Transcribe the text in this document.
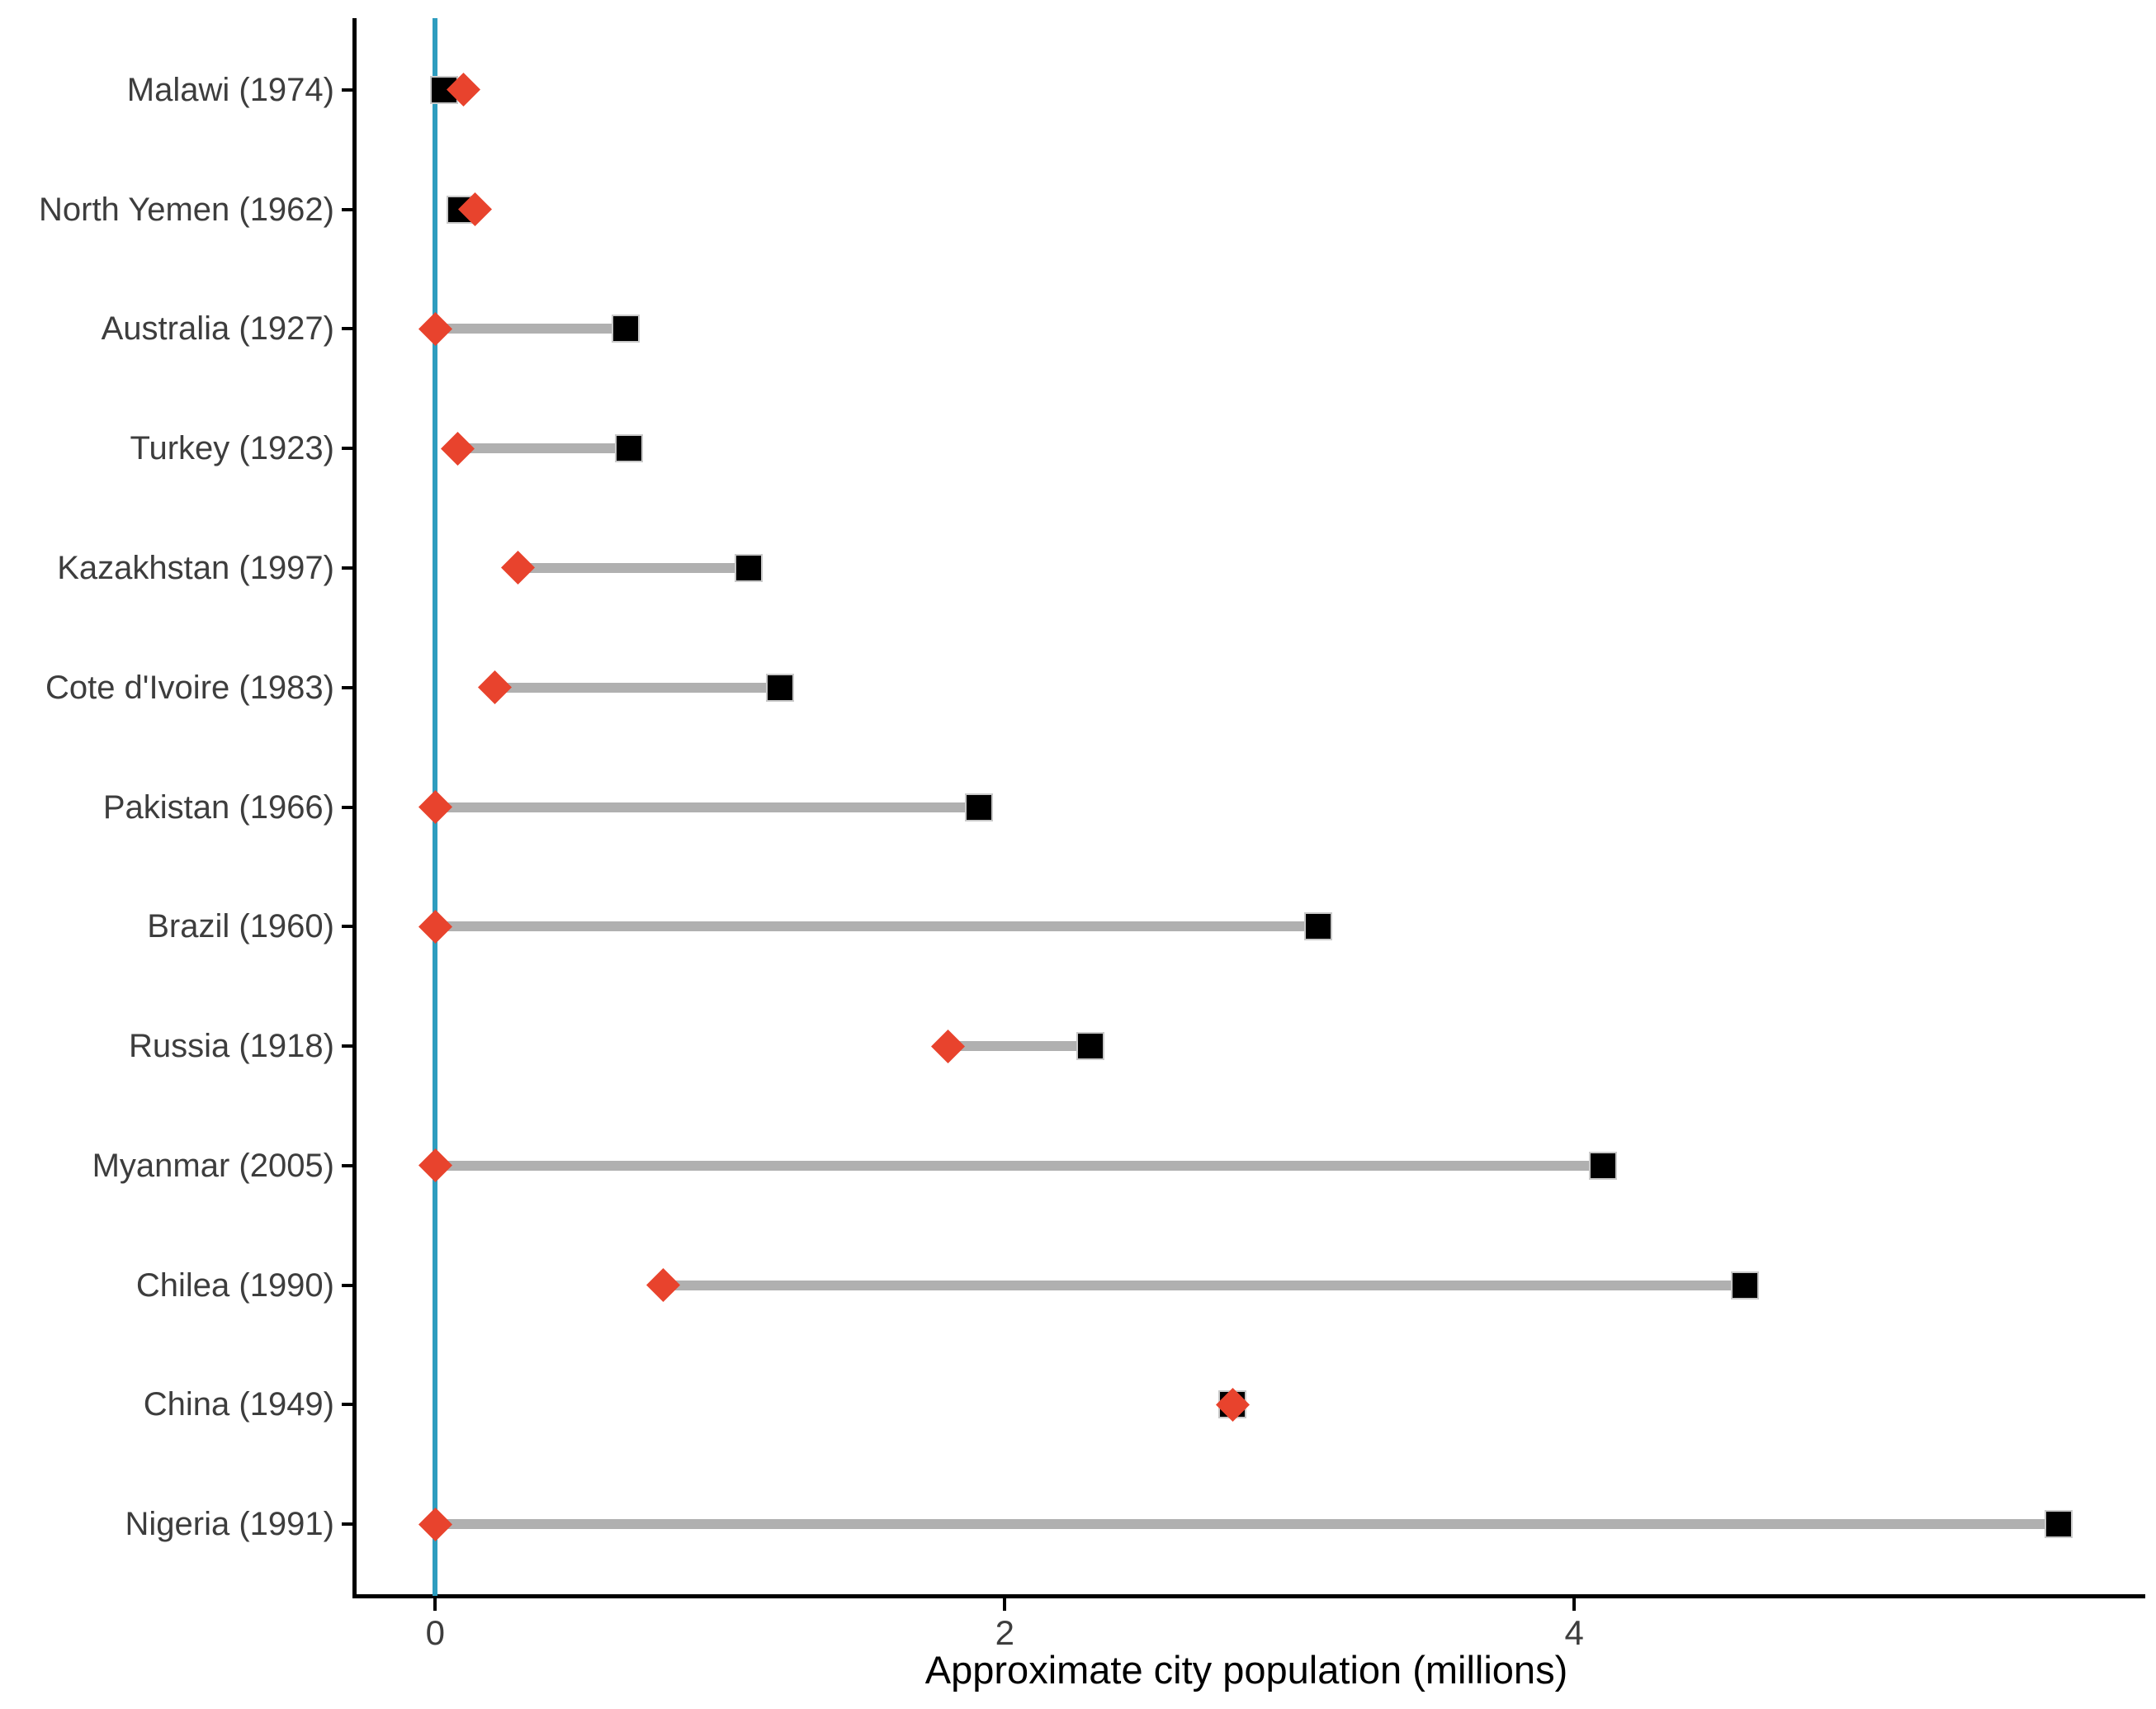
Approximate city population (millions)
Malawi (1974)
North Yemen (1962)
Australia (1927)
Turkey (1923)
Kazakhstan (1997)
Cote d'Ivoire (1983)
Pakistan (1966)
Brazil (1960)
Russia (1918)
Myanmar (2005)
Chilea (1990)
China (1949)
Nigeria (1991)
0	2	4
